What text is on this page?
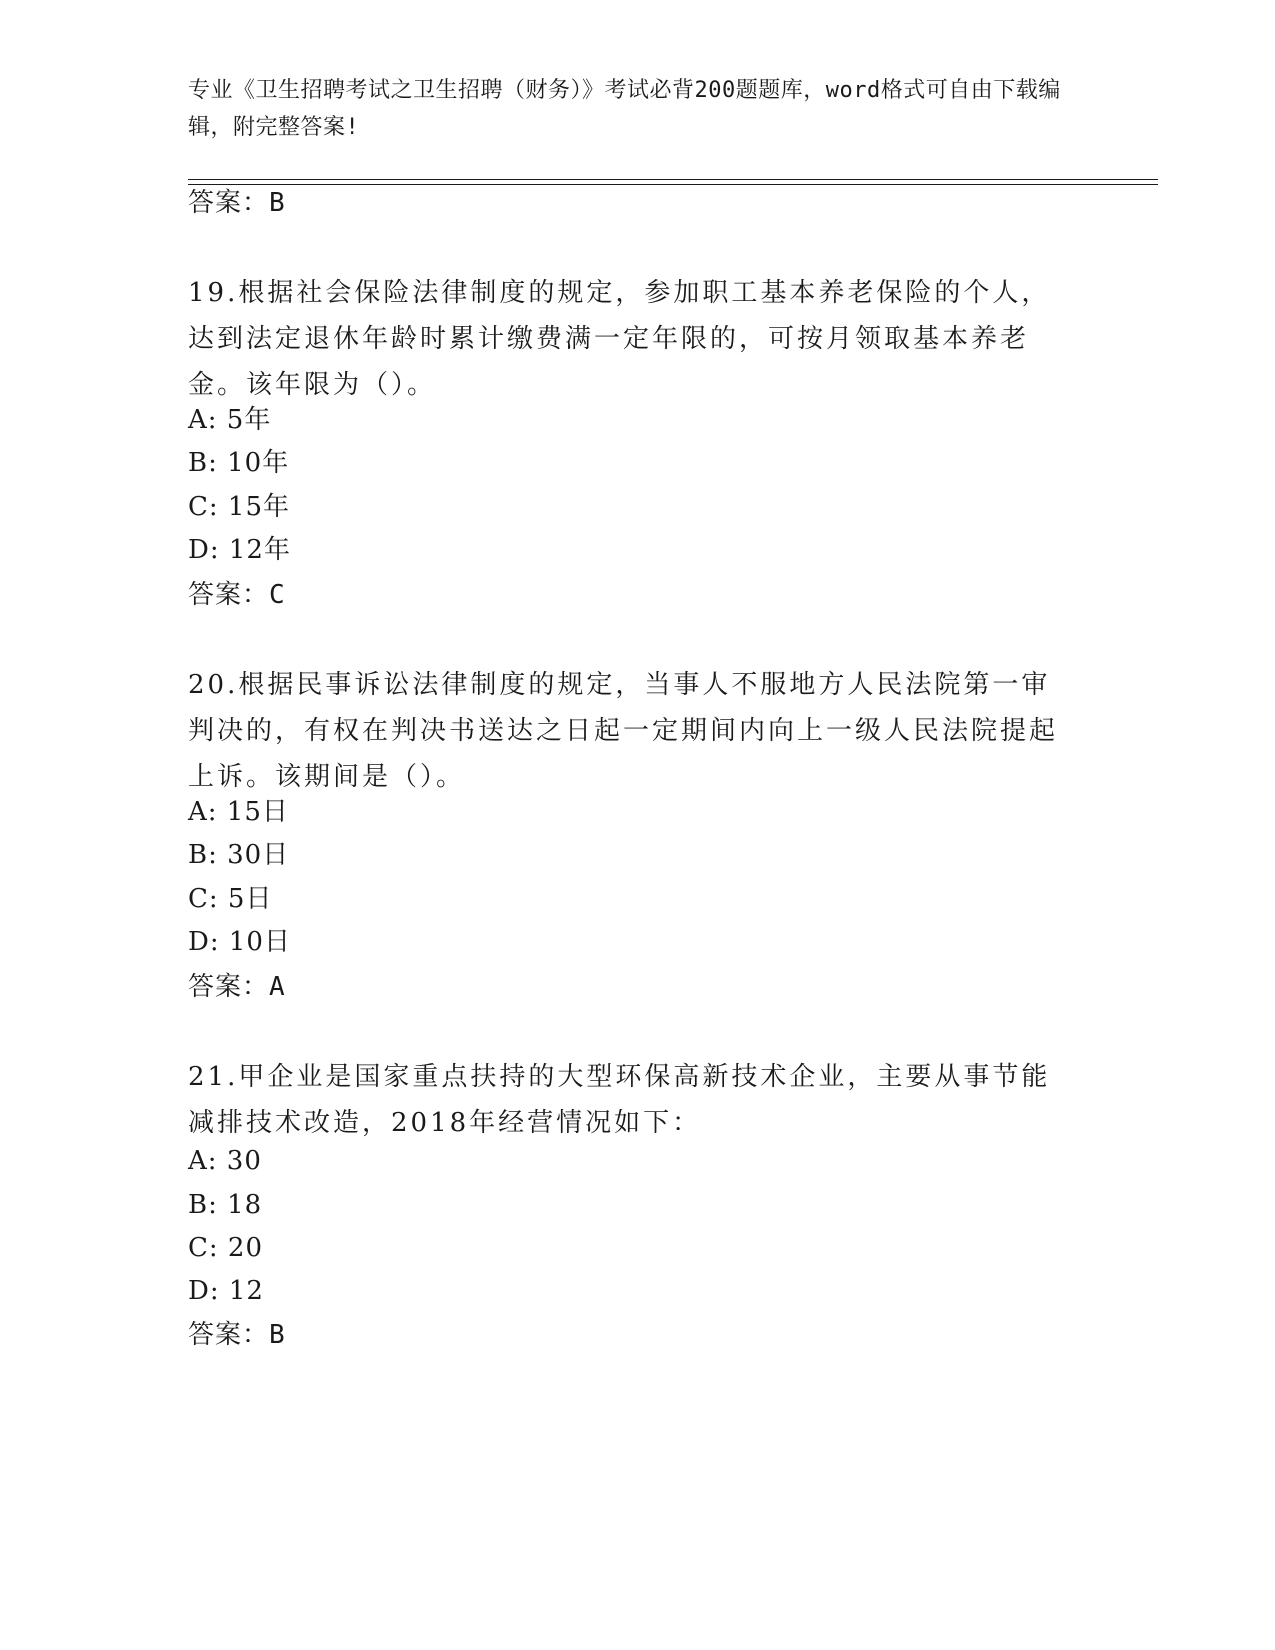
专业《卫生招聘考试之卫生招聘（财务）》考试必背200题题库，word格式可自由下载编辑，附完整答案!
答案：B
19.根据社会保险法律制度的规定，参加职工基本养老保险的个人，达到法定退休年龄时累计缴费满一定年限的，可按月领取基本养老金。该年限为（）。
A: 5年
B: 10年
C: 15年
D: 12年
答案：C
20.根据民事诉讼法律制度的规定，当事人不服地方人民法院第一审判决的，有权在判决书送达之日起一定期间内向上一级人民法院提起上诉。该期间是（）。
A: 15日
B: 30日
C: 5日
D: 10日
答案：A
21.甲企业是国家重点扶持的大型环保高新技术企业，主要从事节能减排技术改造，2018年经营情况如下：
A: 30
B: 18
C: 20
D: 12
答案：B
